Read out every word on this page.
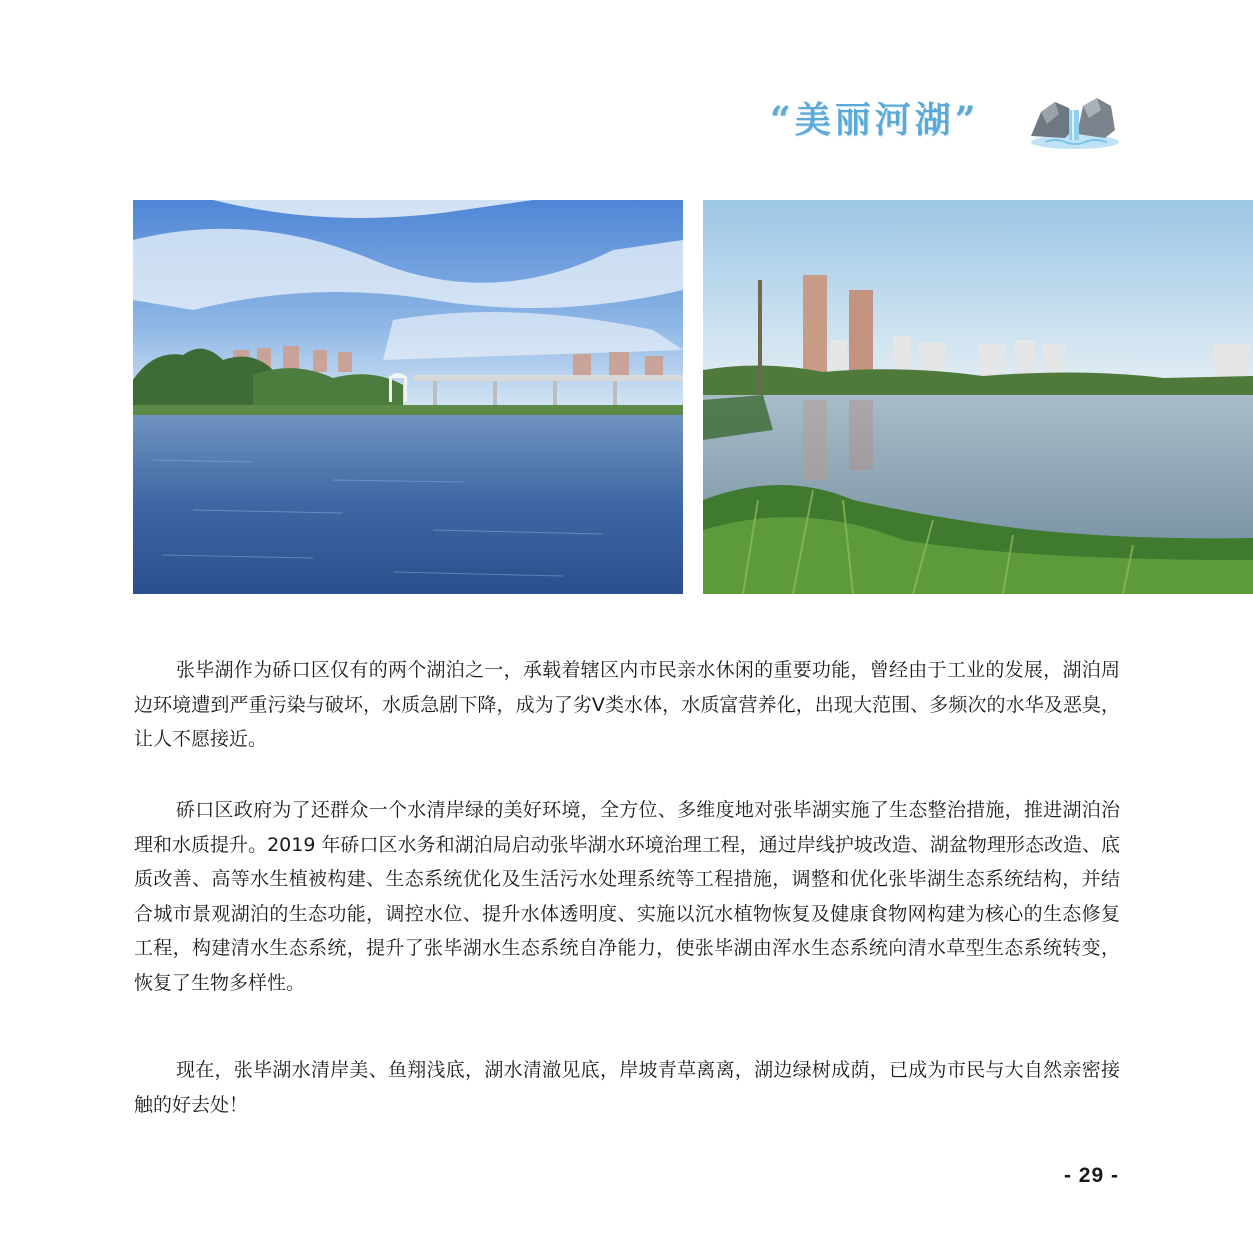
“美丽河湖”

张毕湖作为硚口区仅有的两个湖泊之一，承载着辖区内市民亲水休闲的重要功能，曾经由于工业的发展，湖泊周边环境遭到严重污染与破坏，水质急剧下降，成为了劣Ⅴ类水体，水质富营养化，出现大范围、多频次的水华及恶臭，让人不愿接近。

硚口区政府为了还群众一个水清岸绿的美好环境，全方位、多维度地对张毕湖实施了生态整治措施，推进湖泊治理和水质提升。2019 年硚口区水务和湖泊局启动张毕湖水环境治理工程，通过岸线护坡改造、湖盆物理形态改造、底质改善、高等水生植被构建、生态系统优化及生活污水处理系统等工程措施，调整和优化张毕湖生态系统结构，并结合城市景观湖泊的生态功能，调控水位、提升水体透明度、实施以沉水植物恢复及健康食物网构建为核心的生态修复工程，构建清水生态系统，提升了张毕湖水生态系统自净能力，使张毕湖由浑水生态系统向清水草型生态系统转变，恢复了生物多样性。

现在，张毕湖水清岸美、鱼翔浅底，湖水清澈见底，岸坡青草离离，湖边绿树成荫，已成为市民与大自然亲密接触的好去处！

- 29 -
